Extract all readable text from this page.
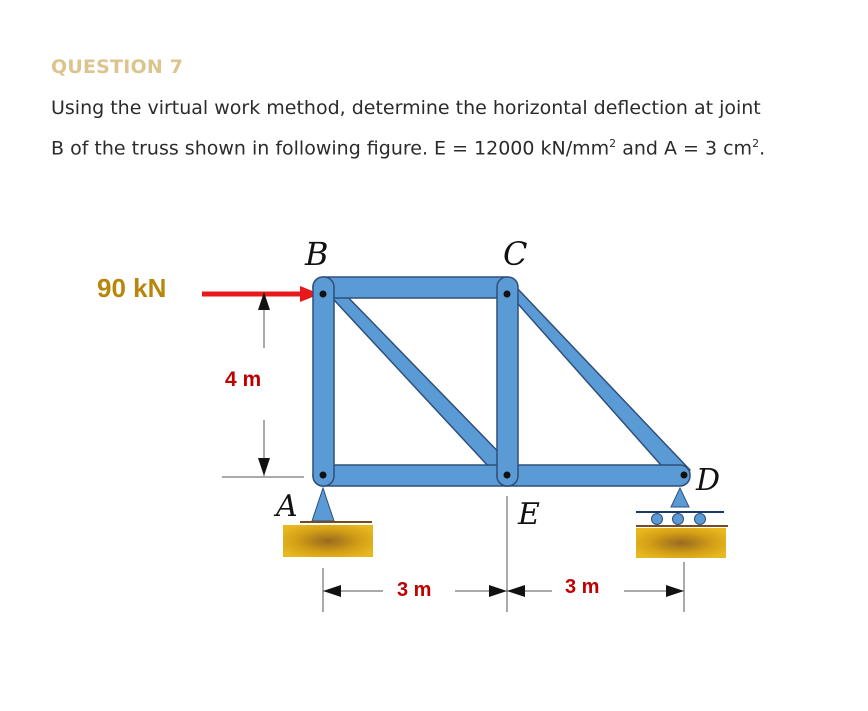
QUESTION 7
Using the virtual work method, determine the horizontal deflection at joint
B of the truss shown in following figure. E = 12000 $kN/mm^2$ and A = 3 $cm^2$.
90 kN
4 m
B	C
A
D
E
3 m	3 m
